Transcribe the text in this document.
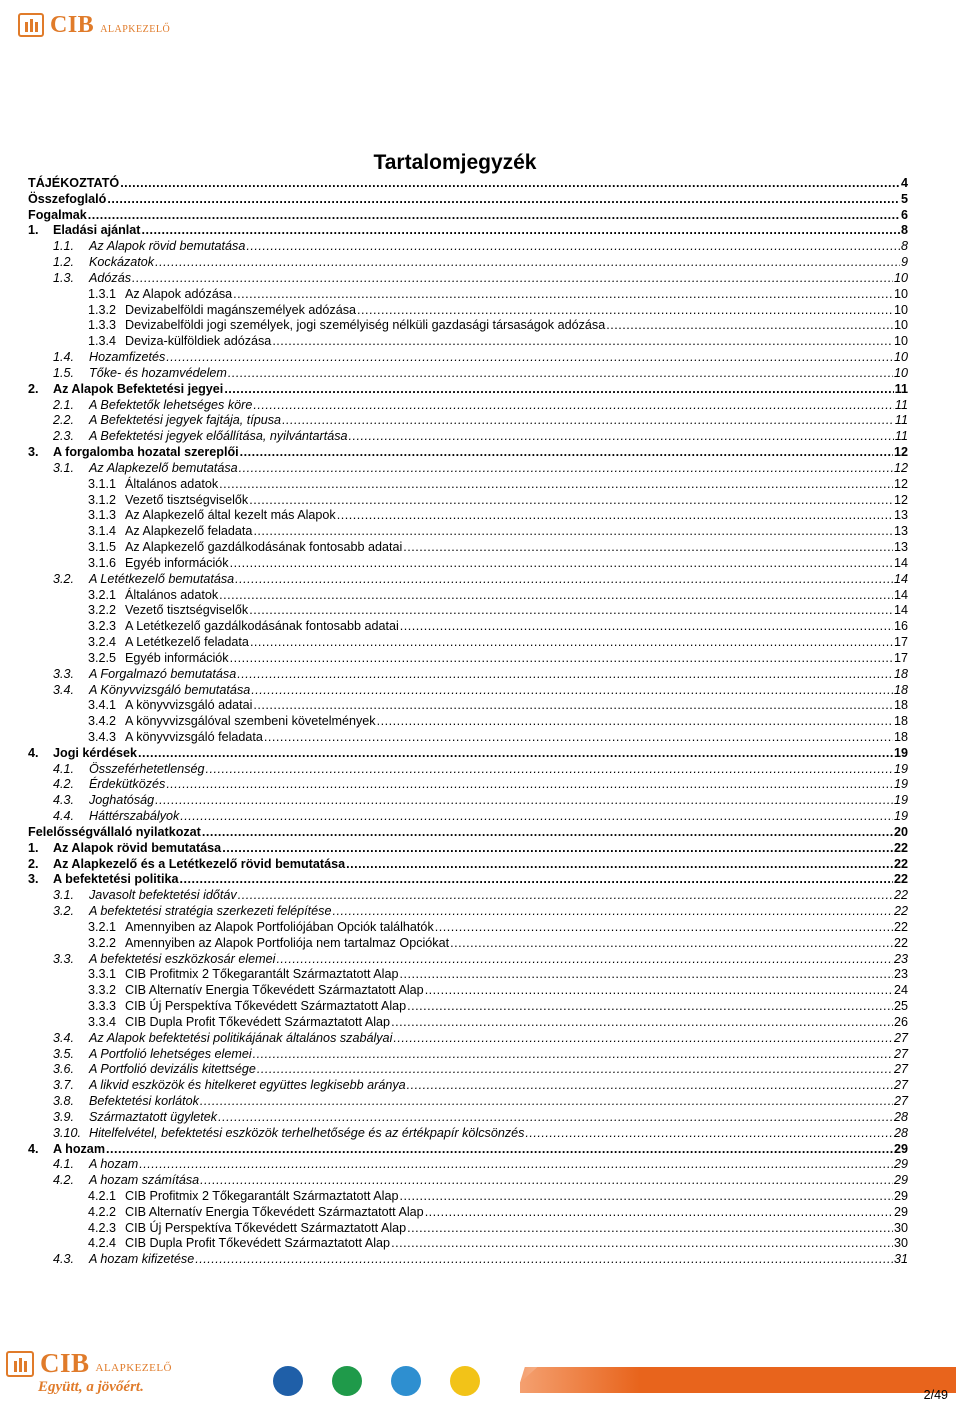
CIB ALAPKEZELŐ
Tartalomjegyzék
TÁJÉKOZTATÓ .....	4
Összefoglaló .....	5
Fogalmak .....	6
1.	Eladási ajánlat .....	8
1.1.	Az Alapok rövid bemutatása .....	8
1.2.	Kockázatok .....	9
1.3.	Adózás .....	10
1.3.1 Az Alapok adózása .....	10
1.3.2 Devizabelföldi magánszemélyek adózása .....	10
1.3.3 Devizabelföldi jogi személyek, jogi személyiség nélküli gazdasági társaságok adózása .....	10
1.3.4 Deviza-külföldiek adózása .....	10
1.4.	Hozamfizetés .....	10
1.5.	Tőke- és hozamvédelem .....	10
2.	Az Alapok Befektetési jegyei .....	11
2.1.	A Befektetők lehetséges köre .....	11
2.2.	A Befektetési jegyek fajtája, típusa .....	11
2.3.	A Befektetési jegyek előállítása, nyilvántartása .....	11
3.	A forgalomba hozatal szereplői .....	12
3.1.	Az Alapkezelő bemutatása .....	12
3.1.1 Általános adatok .....	12
3.1.2 Vezető tisztségviselők .....	12
3.1.3 Az Alapkezelő által kezelt más Alapok .....	13
3.1.4 Az Alapkezelő feladata .....	13
3.1.5 Az Alapkezelő gazdálkodásának fontosabb adatai .....	13
3.1.6 Egyéb információk .....	14
3.2.	A Letétkezelő bemutatása .....	14
3.2.1 Általános adatok .....	14
3.2.2 Vezető tisztségviselők .....	14
3.2.3 A Letétkezelő gazdálkodásának fontosabb adatai .....	16
3.2.4 A Letétkezelő feladata .....	17
3.2.5 Egyéb információk .....	17
3.3.	A Forgalmazó bemutatása .....	18
3.4.	A Könyvvizsgáló bemutatása .....	18
3.4.1 A könyvvizsgáló adatai .....	18
3.4.2 A könyvvizsgálóval szembeni követelmények .....	18
3.4.3 A könyvvizsgáló feladata .....	18
4.	Jogi kérdések .....	19
4.1.	Összeférhetetlenség .....	19
4.2.	Érdekütközés .....	19
4.3.	Joghatóság .....	19
4.4.	Háttérszabályok .....	19
Felelősségvállaló nyilatkozat .....	20
1.	Az Alapok rövid bemutatása .....	22
2.	Az Alapkezelő és a Letétkezelő rövid bemutatása .....	22
3.	A befektetési politika .....	22
3.1.	Javasolt befektetési időtáv .....	22
3.2.	A befektetési stratégia szerkezeti felépítése .....	22
3.2.1 Amennyiben az Alapok Portfoliójában Opciók találhatók .....	22
3.2.2 Amennyiben az Alapok Portfoliója nem tartalmaz Opciókat .....	22
3.3.	A befektetési eszközkosár elemei .....	23
3.3.1 CIB Profitmix 2 Tőkegarantált Származtatott Alap .....	23
3.3.2 CIB Alternatív Energia Tőkevédett Származtatott Alap .....	24
3.3.3 CIB Új Perspektíva Tőkevédett Származtatott Alap .....	25
3.3.4 CIB Dupla Profit Tőkevédett Származtatott Alap .....	26
3.4.	Az Alapok befektetési politikájának általános szabályai .....	27
3.5.	A Portfolió lehetséges elemei .....	27
3.6.	A Portfolió devizális kitettsége .....	27
3.7.	A likvid eszközök és hitelkeret együttes legkisebb aránya .....	27
3.8.	Befektetési korlátok .....	27
3.9.	Származtatott ügyletek .....	28
3.10. Hitelfelvétel, befektetési eszközök terhelhetősége és az értékpapír kölcsönzés .....	28
4.	A hozam .....	29
4.1.	A hozam .....	29
4.2.	A hozam számítása .....	29
4.2.1 CIB Profitmix 2 Tőkegarantált Származtatott Alap .....	29
4.2.2 CIB Alternatív Energia Tőkevédett Származtatott Alap .....	29
4.2.3 CIB Új Perspektíva Tőkevédett Származtatott Alap .....	30
4.2.4 CIB Dupla Profit Tőkevédett Származtatott Alap .....	30
4.3.	A hozam kifizetése .....	31
CIB ALAPKEZELŐ
Együtt, a jövőért.	2/49
